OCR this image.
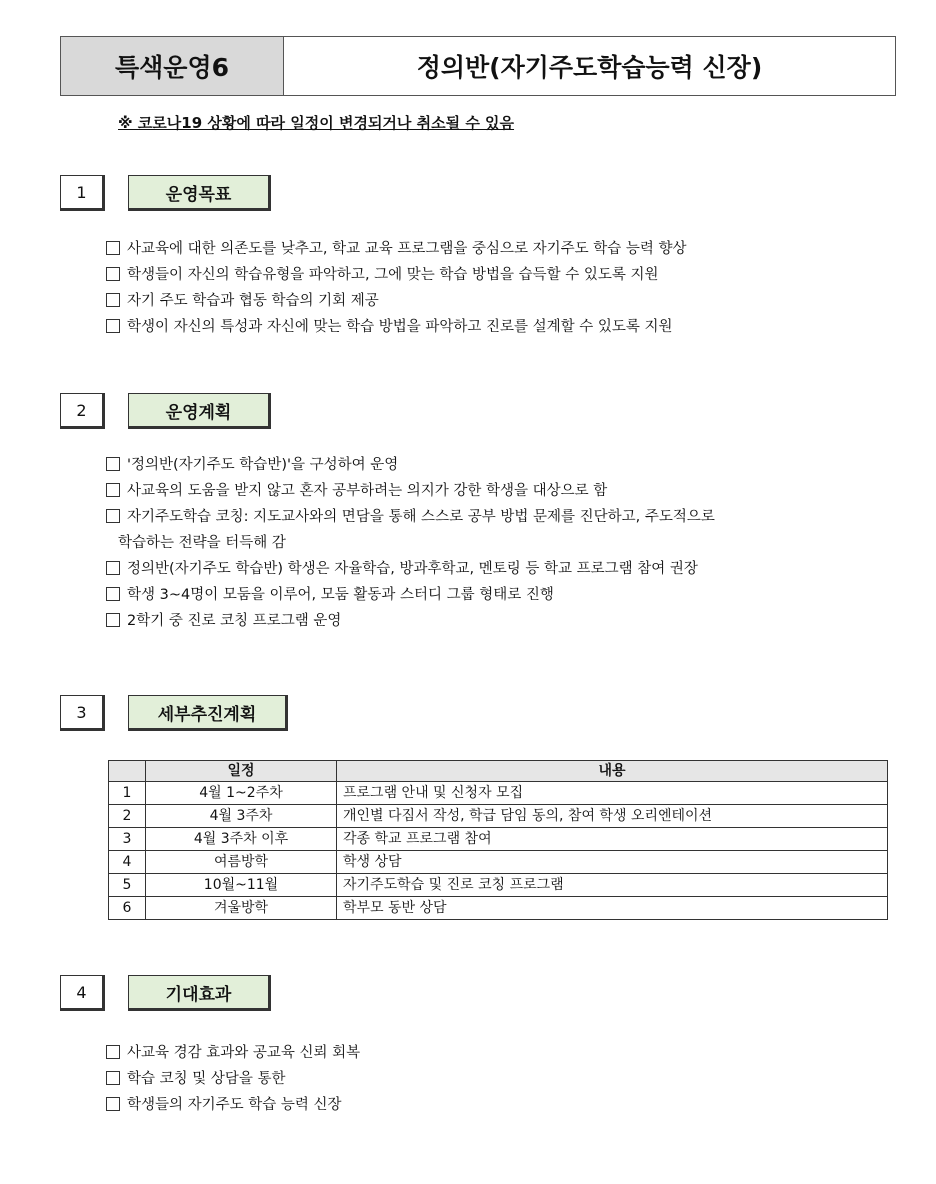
특색운영6	정의반(자기주도학습능력 신장)
※ 코로나19 상황에 따라 일정이 변경되거나 취소될 수 있음
1	운영목표
사교육에 대한 의존도를 낮추고, 학교 교육 프로그램을 중심으로 자기주도 학습 능력 향상
학생들이 자신의 학습유형을 파악하고, 그에 맞는 학습 방법을 습득할 수 있도록 지원
자기 주도 학습과 협동 학습의 기회 제공
학생이 자신의 특성과 자신에 맞는 학습 방법을 파악하고 진로를 설계할 수 있도록 지원
2	운영계획
'정의반(자기주도 학습반)'을 구성하여 운영
사교육의 도움을 받지 않고 혼자 공부하려는 의지가 강한 학생을 대상으로 함
자기주도학습 코칭: 지도교사와의 면담을 통해 스스로 공부 방법 문제를 진단하고, 주도적으로
학습하는 전략을 터득해 감
정의반(자기주도 학습반) 학생은 자율학습, 방과후학교, 멘토링 등 학교 프로그램 참여 권장
학생 3~4명이 모둠을 이루어, 모둠 활동과 스터디 그룹 형태로 진행
2학기 중 진로 코칭 프로그램 운영
3	세부추진계획
	일정	내용
1	4월 1~2주차	프로그램 안내 및 신청자 모집
2	4월 3주차	개인별 다짐서 작성, 학급 담임 동의, 참여 학생 오리엔테이션
3	4월 3주차 이후	각종 학교 프로그램 참여
4	여름방학	학생 상담
5	10월~11월	자기주도학습 및 진로 코칭 프로그램
6	겨울방학	학부모 동반 상담
4	기대효과
사교육 경감 효과와 공교육 신뢰 회복
학습 코칭 및 상담을 통한
학생들의 자기주도 학습 능력 신장
